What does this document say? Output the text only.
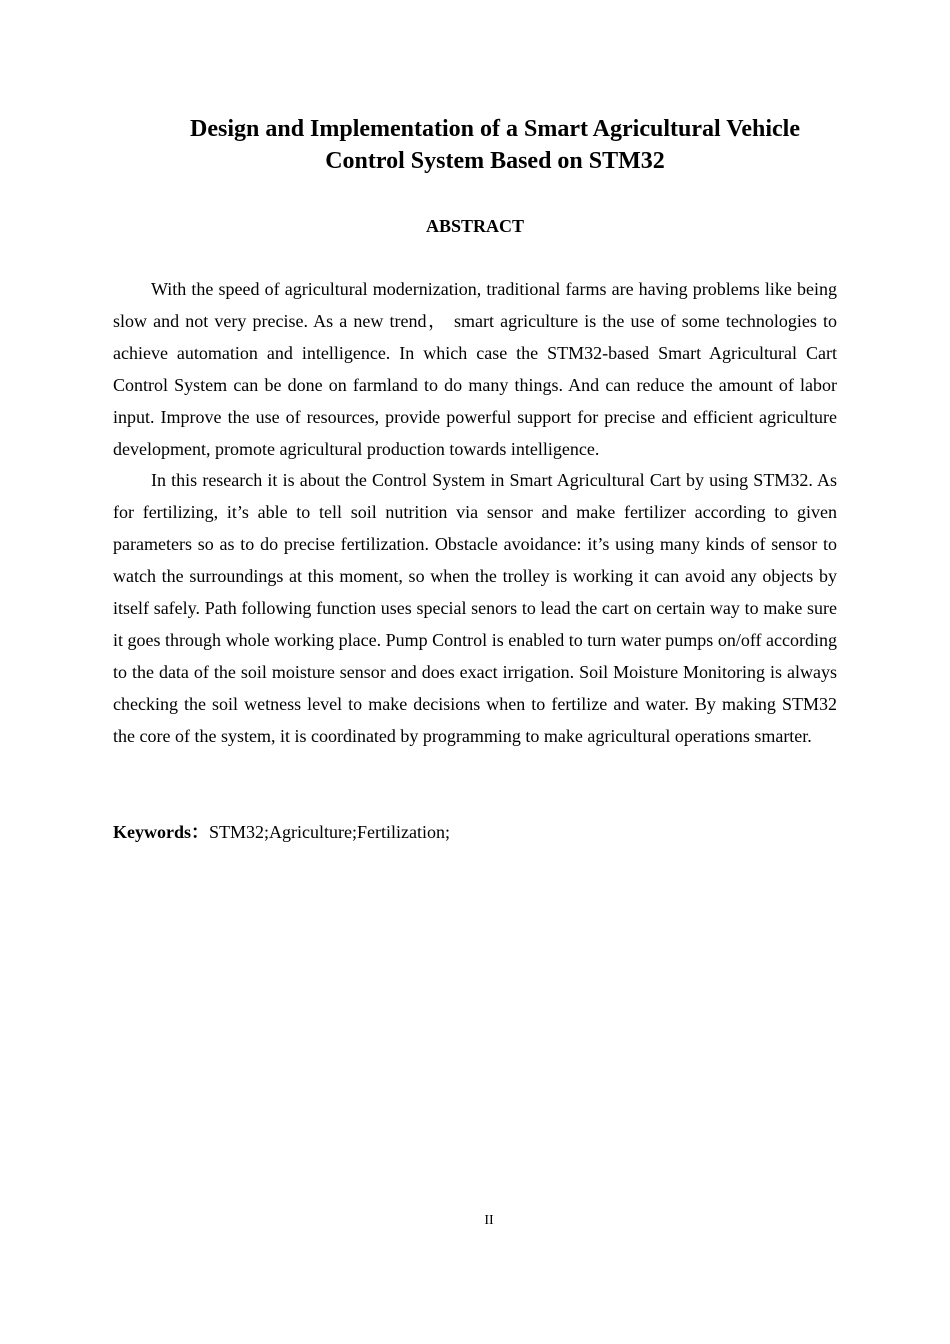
Design and Implementation of a Smart Agricultural Vehicle
Control System Based on STM32
ABSTRACT

With the speed of agricultural modernization, traditional farms are having problems like being slow and not very precise. As a new trend， smart agriculture is the use of some technologies to achieve automation and intelligence. In which case the STM32-based Smart Agricultural Cart Control System can be done on farmland to do many things. And can reduce the amount of labor input. Improve the use of resources, provide powerful support for precise and efficient agriculture development, promote agricultural production towards intelligence.

In this research it is about the Control System in Smart Agricultural Cart by using STM32. As for fertilizing, it’s able to tell soil nutrition via sensor and make fertilizer according to given parameters so as to do precise fertilization. Obstacle avoidance: it’s using many kinds of sensor to watch the surroundings at this moment, so when the trolley is working it can avoid any objects by itself safely. Path following function uses special senors to lead the cart on certain way to make sure it goes through whole working place. Pump Control is enabled to turn water pumps on/off according to the data of the soil moisture sensor and does exact irrigation. Soil Moisture Monitoring is always checking the soil wetness level to make decisions when to fertilize and water. By making STM32 the core of the system, it is coordinated by programming to make agricultural operations smarter.

Keywords：STM32;Agriculture;Fertilization;
II
